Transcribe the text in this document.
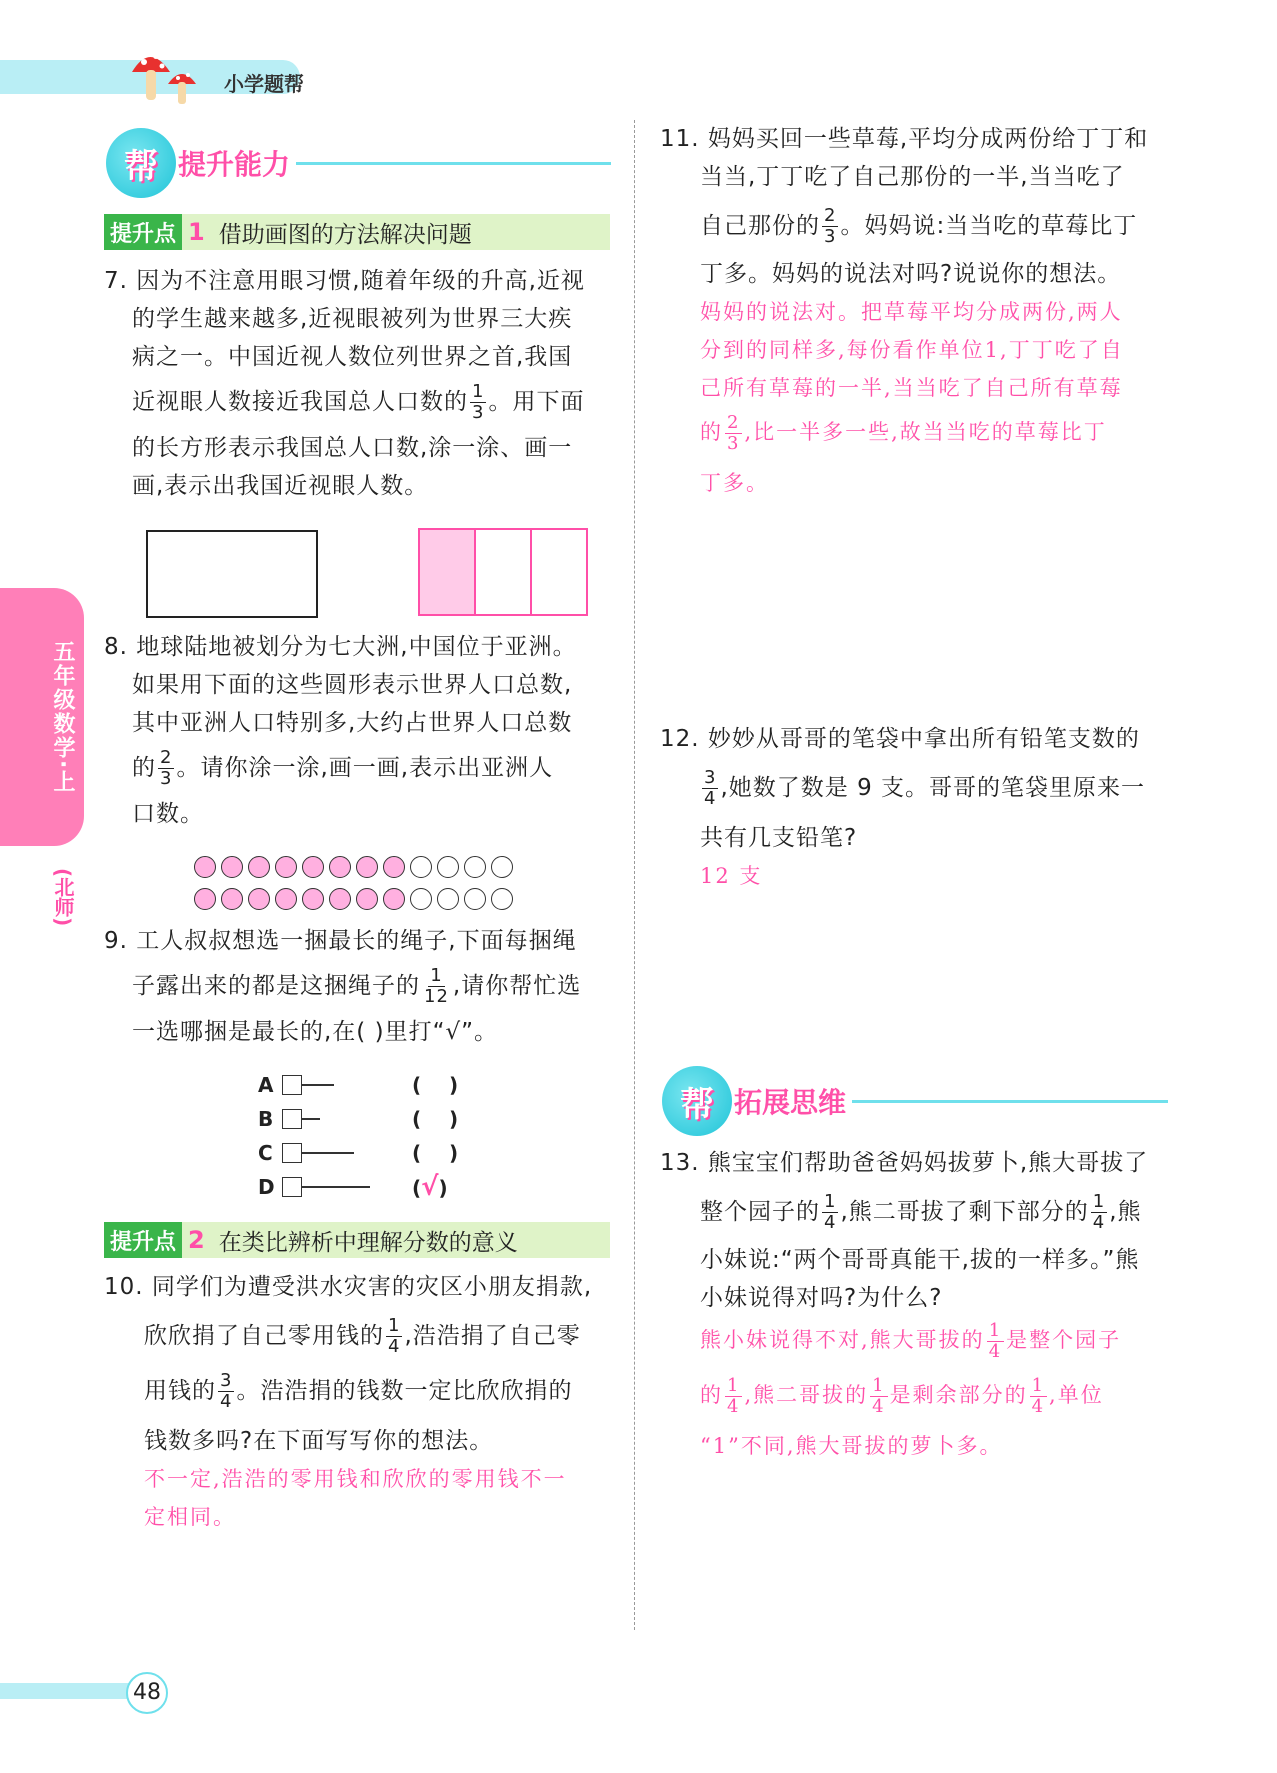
小学题帮
五年级数学·上
(北师)
48
帮 提升能力
提升点 1 借助画图的方法解决问题
7. 因为不注意用眼习惯,随着年级的升高,近视
的学生越来越多,近视眼被列为世界三大疾
病之一。中国近视人数位列世界之首,我国
近视眼人数接近我国总人口数的 $\frac{1}{3}$ 。用下面
的长方形表示我国总人口数,涂一涂、画一
画,表示出我国近视眼人数。
8. 地球陆地被划分为七大洲,中国位于亚洲。
如果用下面的这些圆形表示世界人口总数,
其中亚洲人口特别多,大约占世界人口总数
的 $\frac{2}{3}$ 。请你涂一涂,画一画,表示出亚洲人
口数。
9. 工人叔叔想选一捆最长的绳子,下面每捆绳
子露出来的都是这捆绳子的 $\frac{1}{12}$ ,请你帮忙选
一选哪捆是最长的,在( )里打“√”。
A	(    )
B	(    )
C	(    )
D	(√)
提升点 2 在类比辨析中理解分数的意义
10. 同学们为遭受洪水灾害的灾区小朋友捐款,
欣欣捐了自己零用钱的 $\frac{1}{4}$ ,浩浩捐了自己零
用钱的 $\frac{3}{4}$ 。浩浩捐的钱数一定比欣欣捐的
钱数多吗?在下面写写你的想法。
不一定,浩浩的零用钱和欣欣的零用钱不一
定相同。
11. 妈妈买回一些草莓,平均分成两份给丁丁和
当当,丁丁吃了自己那份的一半,当当吃了
自己那份的 $\frac{2}{3}$ 。妈妈说:当当吃的草莓比丁
丁多。妈妈的说法对吗?说说你的想法。
妈妈的说法对。把草莓平均分成两份,两人
分到的同样多,每份看作单位1,丁丁吃了自
己所有草莓的一半,当当吃了自己所有草莓
的 $\frac{2}{3}$ ,比一半多一些,故当当吃的草莓比丁
丁多。
12. 妙妙从哥哥的笔袋中拿出所有铅笔支数的
$\frac{3}{4}$ ,她数了数是 9 支。哥哥的笔袋里原来一
共有几支铅笔?
12 支
帮 拓展思维
13. 熊宝宝们帮助爸爸妈妈拔萝卜,熊大哥拔了
整个园子的 $\frac{1}{4}$ ,熊二哥拔了剩下部分的 $\frac{1}{4}$ ,熊
小妹说:“两个哥哥真能干,拔的一样多。”熊
小妹说得对吗?为什么?
熊小妹说得不对,熊大哥拔的 $\frac{1}{4}$ 是整个园子
的 $\frac{1}{4}$ ,熊二哥拔的 $\frac{1}{4}$ 是剩余部分的 $\frac{1}{4}$ ,单位
“1”不同,熊大哥拔的萝卜多。
